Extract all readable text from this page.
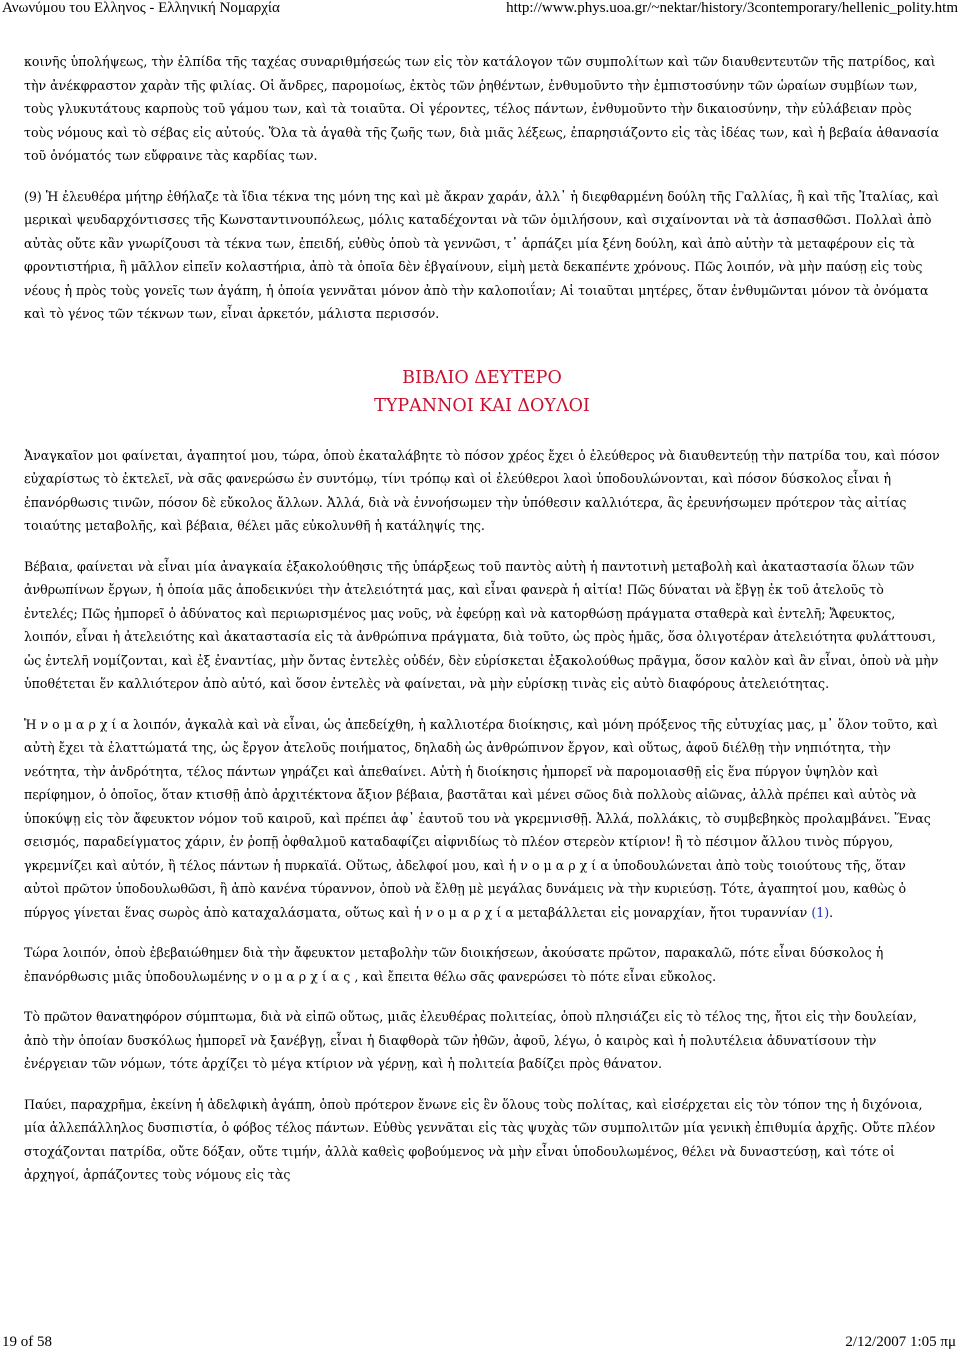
Ανωνύμου του Ελληνος - Ελληνική Νομαρχία	http://www.phys.uoa.gr/~nektar/history/3contemporary/hellenic_polity.htm

κοινῆς ὑπολήψεως, τὴν ἐλπίδα τῆς ταχέας συναριθμήσεώς των εἰς τὸν κατάλογον τῶν συμπολίτων καὶ τῶν διαυθεντευτῶν τῆς πατρίδος, καὶ τὴν ἀνέκφραστον χαρὰν τῆς φιλίας. Οἱ ἄνδρες, παρομοίως, ἐκτὸς τῶν ῥηθέντων, ἐνθυμοῦντο τὴν ἐμπιστοσύνην τῶν ὡραίων συμβίων των, τοὺς γλυκυτάτους καρποὺς τοῦ γάμου των, καὶ τὰ τοιαῦτα. Οἱ γέροντες, τέλος πάντων, ἐνθυμοῦντο τὴν δικαιοσύνην, τὴν εὐλάβειαν πρὸς τοὺς νόμους καὶ τὸ σέβας εἰς αὐτούς. Ὅλα τὰ ἀγαθὰ τῆς ζωῆς των, διὰ μιᾶς λέξεως, ἐπαρησιάζοντο εἰς τὰς ἰδέας των, καὶ ἡ βεβαία ἀθανασία τοῦ ὀνόματός των εὔφραινε τὰς καρδίας των.

(9) Ἡ ἐλευθέρα μήτηρ ἐθήλαζε τὰ ἴδια τέκνα της μόνη της καὶ μὲ ἄκραν χαράν, ἀλλ᾽ ἡ διεφθαρμένη δούλη τῆς Γαλλίας, ἢ καὶ τῆς Ἰταλίας, καὶ μερικαὶ ψευδαρχόντισσες τῆς Κωνσταντινουπόλεως, μόλις καταδέχονται νὰ τῶν ὁμιλήσουν, καὶ σιχαίνονται νὰ τὰ ἀσπασθῶσι. Πολλαὶ ἀπὸ αὐτὰς οὔτε κἂν γνωρίζουσι τὰ τέκνα των, ἐπειδή, εὐθὺς ὁποὺ τὰ γεννῶσι, τ᾽ ἁρπάζει μία ξένη δούλη, καὶ ἀπὸ αὐτὴν τὰ μεταφέρουν εἰς τὰ φροντιστήρια, ἢ μᾶλλον εἰπεῖν κολαστήρια, ἀπὸ τὰ ὁποῖα δὲν ἐβγαίνουν, εἰμὴ μετὰ δεκαπέντε χρόνους. Πῶς λοιπόν, νὰ μὴν παύσῃ εἰς τοὺς νέους ἡ πρὸς τοὺς γονεῖς των ἀγάπη, ἡ ὁποία γεννᾶται μόνον ἀπὸ τὴν καλοποιΐαν; Αἱ τοιαῦται μητέρες, ὅταν ἐνθυμῶνται μόνον τὰ ὀνόματα καὶ τὸ γένος τῶν τέκνων των, εἶναι ἀρκετόν, μάλιστα περισσόν.

ΒΙΒΛΙΟ ΔΕΥΤΕΡΟ
ΤΥΡΑΝΝΟΙ ΚΑΙ ΔΟΥΛΟΙ

Ἀναγκαῖον μοι φαίνεται, ἀγαπητοί μου, τώρα, ὁποὺ ἐκαταλάβητε τὸ πόσον χρέος ἔχει ὁ ἐλεύθερος νὰ διαυθεντεύῃ τὴν πατρίδα του, καὶ πόσον εὐχαρίστως τὸ ἐκτελεῖ, νὰ σᾶς φανερώσω ἐν συντόμῳ, τίνι τρόπῳ καὶ οἱ ἐλεύθεροι λαοὶ ὑποδουλώνονται, καὶ πόσον δύσκολος εἶναι ἡ ἐπανόρθωσις τινῶν, πόσον δὲ εὔκολος ἄλλων. Ἀλλά, διὰ νὰ ἐννοήσωμεν τὴν ὑπόθεσιν καλλιότερα, ἂς ἐρευνήσωμεν πρότερον τὰς αἰτίας τοιαύτης μεταβολῆς, καὶ βέβαια, θέλει μᾶς εὐκολυνθῆ ἡ κατάληψίς της.

Βέβαια, φαίνεται νὰ εἶναι μία ἀναγκαία ἐξακολούθησις τῆς ὑπάρξεως τοῦ παντὸς αὐτὴ ἡ παντοτινὴ μεταβολὴ καὶ ἀκαταστασία ὅλων τῶν ἀνθρωπίνων ἔργων, ἡ ὁποία μᾶς ἀποδεικνύει τὴν ἀτελειότητά μας, καὶ εἶναι φανερὰ ἡ αἰτία! Πῶς δύναται νὰ ἔβγῃ ἐκ τοῦ ἀτελοῦς τὸ ἐντελές; Πῶς ἠμπορεῖ ὁ ἀδύνατος καὶ περιωρισμένος μας νοῦς, νὰ ἐφεύρῃ καὶ νὰ κατορθώσῃ πράγματα σταθερὰ καὶ ἐντελῆ; Ἄφευκτος, λοιπόν, εἶναι ἡ ἀτελειότης καὶ ἀκαταστασία εἰς τὰ ἀνθρώπινα πράγματα, διὰ τοῦτο, ὡς πρὸς ἡμᾶς, ὅσα ὀλιγοτέραν ἀτελειότητα φυλάττουσι, ὡς ἐντελῆ νομίζονται, καὶ ἐξ ἐναντίας, μὴν ὄντας ἐντελὲς οὐδέν, δὲν εὑρίσκεται ἐξακολούθως πρᾶγμα, ὅσον καλὸν καὶ ἂν εἶναι, ὁποὺ νὰ μὴν ὑποθέτεται ἕν καλλιότερον ἀπὸ αὐτό, καὶ ὅσον ἐντελὲς νὰ φαίνεται, νὰ μὴν εὑρίσκῃ τινὰς εἰς αὐτὸ διαφόρους ἀτελειότητας.

Ἡ ν ο μ α ρ χ ί α λοιπόν, ἀγκαλὰ καὶ νὰ εἶναι, ὡς ἀπεδείχθη, ἡ καλλιοτέρα διοίκησις, καὶ μόνη πρόξενος τῆς εὐτυχίας μας, μ᾽ ὅλον τοῦτο, καὶ αὐτὴ ἔχει τὰ ἐλαττώματά της, ὡς ἔργον ἀτελοῦς ποιήματος, δηλαδὴ ὡς ἀνθρώπινον ἔργον, καὶ οὕτως, ἀφοῦ διέλθῃ τὴν νηπιότητα, τὴν νεότητα, τὴν ἀνδρότητα, τέλος πάντων γηράζει καὶ ἀπεθαίνει. Αὐτὴ ἡ διοίκησις ἠμπορεῖ νὰ παρομοιασθῇ εἰς ἕνα πύργον ὑψηλὸν καὶ περίφημον, ὁ ὁποῖος, ὅταν κτισθῇ ἀπὸ ἀρχιτέκτονα ἄξιον βέβαια, βαστᾶται καὶ μένει σῶος διὰ πολλοὺς αἰῶνας, ἀλλὰ πρέπει καὶ αὐτὸς νὰ ὑποκύψῃ εἰς τὸν ἄφευκτον νόμον τοῦ καιροῦ, καὶ πρέπει ἀφ᾽ ἑαυτοῦ του νὰ γκρεμνισθῇ. Ἀλλά, πολλάκις, τὸ συμβεβηκὸς προλαμβάνει. Ἕνας σεισμός, παραδείγματος χάριν, ἐν ῥοπῇ ὀφθαλμοῦ καταδαφίζει αἰφνιδίως τὸ πλέον στερεὸν κτίριον! ἢ τὸ πέσιμον ἄλλου τινὸς πύργου, γκρεμνίζει καὶ αὐτόν, ἢ τέλος πάντων ἡ πυρκαϊά. Οὕτως, ἀδελφοί μου, καὶ ἡ ν ο μ α ρ χ ί α ὑποδουλώνεται ἀπὸ τοὺς τοιούτους τῆς, ὅταν αὐτοὶ πρῶτον ὑποδουλωθῶσι, ἢ ἀπὸ κανένα τύραννον, ὁποὺ νὰ ἔλθῃ μὲ μεγάλας δυνάμεις νὰ τὴν κυριεύσῃ. Τότε, ἀγαπητοί μου, καθὼς ὁ πύργος γίνεται ἕνας σωρὸς ἀπὸ καταχαλάσματα, οὕτως καὶ ἡ ν ο μ α ρ χ ί α μεταβάλλεται εἰς μοναρχίαν, ἤτοι τυραννίαν (1).

Τώρα λοιπόν, ὁποὺ ἐβεβαιώθημεν διὰ τὴν ἄφευκτον μεταβολὴν τῶν διοικήσεων, ἀκούσατε πρῶτον, παρακαλῶ, πότε εἶναι δύσκολος ἡ ἐπανόρθωσις μιᾶς ὑποδουλωμένης ν ο μ α ρ χ ί α ς , καὶ ἔπειτα θέλω σᾶς φανερώσει τὸ πότε εἶναι εὔκολος.

Τὸ πρῶτον θανατηφόρον σύμπτωμα, διὰ νὰ εἰπῶ οὕτως, μιᾶς ἐλευθέρας πολιτείας, ὁποὺ πλησιάζει εἰς τὸ τέλος της, ἤτοι εἰς τὴν δουλείαν, ἀπὸ τὴν ὁποίαν δυσκόλως ἠμπορεῖ νὰ ξανέβγῃ, εἶναι ἡ διαφθορὰ τῶν ἠθῶν, ἀφοῦ, λέγω, ὁ καιρὸς καὶ ἡ πολυτέλεια ἀδυνατίσουν τὴν ἐνέργειαν τῶν νόμων, τότε ἀρχίζει τὸ μέγα κτίριον νὰ γέρνῃ, καὶ ἡ πολιτεία βαδίζει πρὸς θάνατον.

Παύει, παραχρῆμα, ἐκείνη ἡ ἀδελφικὴ ἀγάπη, ὁποὺ πρότερον ἔνωνε εἰς ἓν ὅλους τοὺς πολίτας, καὶ εἰσέρχεται εἰς τὸν τόπον της ἡ διχόνοια, μία ἀλλεπάλληλος δυσπιστία, ὁ φόβος τέλος πάντων. Εὐθὺς γεννᾶται εἰς τὰς ψυχὰς τῶν συμπολιτῶν μία γενικὴ ἐπιθυμία ἀρχῆς. Οὔτε πλέον στοχάζονται πατρίδα, οὔτε δόξαν, οὔτε τιμήν, ἀλλὰ καθεὶς φοβούμενος νὰ μὴν εἶναι ὑποδουλωμένος, θέλει νὰ δυναστεύσῃ, καὶ τότε οἱ ἀρχηγοί, ἁρπάζοντες τοὺς νόμους εἰς τὰς

19 of 58	2/12/2007 1:05 πμ
